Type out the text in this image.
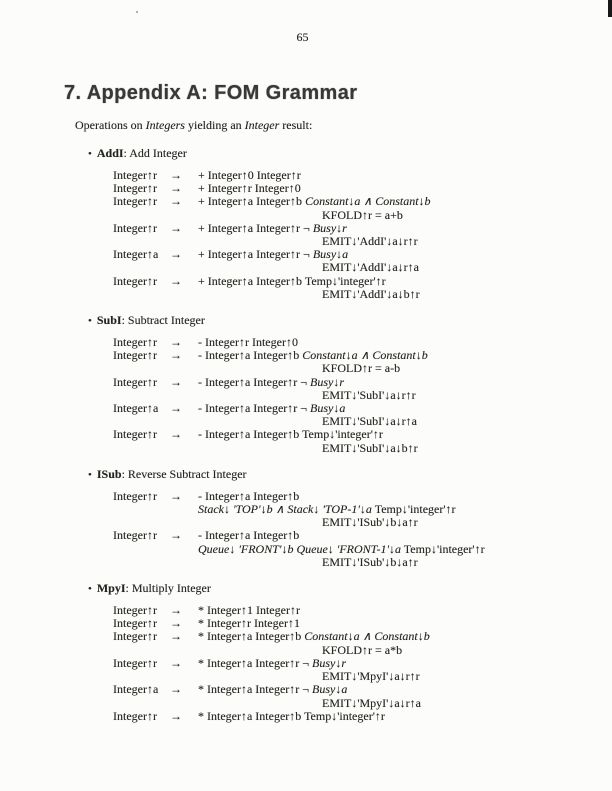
65
7. Appendix A: FOM Grammar

Operations on Integers yielding an Integer result:

• AddI: Add Integer
Integer↑r	→	+ Integer↑0 Integer↑r
Integer↑r	→	+ Integer↑r Integer↑0
Integer↑r	→	+ Integer↑a Integer↑b Constant↓a ∧ Constant↓b
KFOLD↑r = a+b
Integer↑r	→	+ Integer↑a Integer↑r ¬ Busy↓r
EMIT↓'AddI'↓a↓r↑r
Integer↑a →	+ Integer↑a Integer↑r ¬ Busy↓a
EMIT↓'AddI'↓a↓r↑a
Integer↑r	→	+ Integer↑a Integer↑b Temp↓'integer'↑r
EMIT↓'AddI'↓a↓b↑r
• SubI: Subtract Integer
Integer↑r	→	- Integer↑r Integer↑0
Integer↑r	→	- Integer↑a Integer↑b Constant↓a ∧ Constant↓b
KFOLD↑r = a-b
Integer↑r	→	- Integer↑a Integer↑r ¬ Busy↓r
EMIT↓'SubI'↓a↓r↑r
Integer↑a →	- Integer↑a Integer↑r ¬ Busy↓a
EMIT↓'SubI'↓a↓r↑a
Integer↑r	→	- Integer↑a Integer↑b Temp↓'integer'↑r
EMIT↓'SubI'↓a↓b↑r
• ISub: Reverse Subtract Integer
Integer↑r	→	- Integer↑a Integer↑b
Stack↓ 'TOP'↓b ∧ Stack↓ 'TOP-1'↓a Temp↓'integer'↑r
EMIT↓'ISub'↓b↓a↑r
Integer↑r	→	- Integer↑a Integer↑b
Queue↓ 'FRONT'↓b Queue↓ 'FRONT-1'↓a Temp↓'integer'↑r
EMIT↓'ISub'↓b↓a↑r
• MpyI: Multiply Integer
Integer↑r	→	* Integer↑1 Integer↑r
Integer↑r	→	* Integer↑r Integer↑1
Integer↑r	→	* Integer↑a Integer↑b Constant↓a ∧ Constant↓b
KFOLD↑r = a*b
Integer↑r	→	* Integer↑a Integer↑r ¬ Busy↓r
EMIT↓'MpyI'↓a↓r↑r
Integer↑a →	* Integer↑a Integer↑r ¬ Busy↓a
EMIT↓'MpyI'↓a↓r↑a
Integer↑r	→	* Integer↑a Integer↑b Temp↓'integer'↑r
